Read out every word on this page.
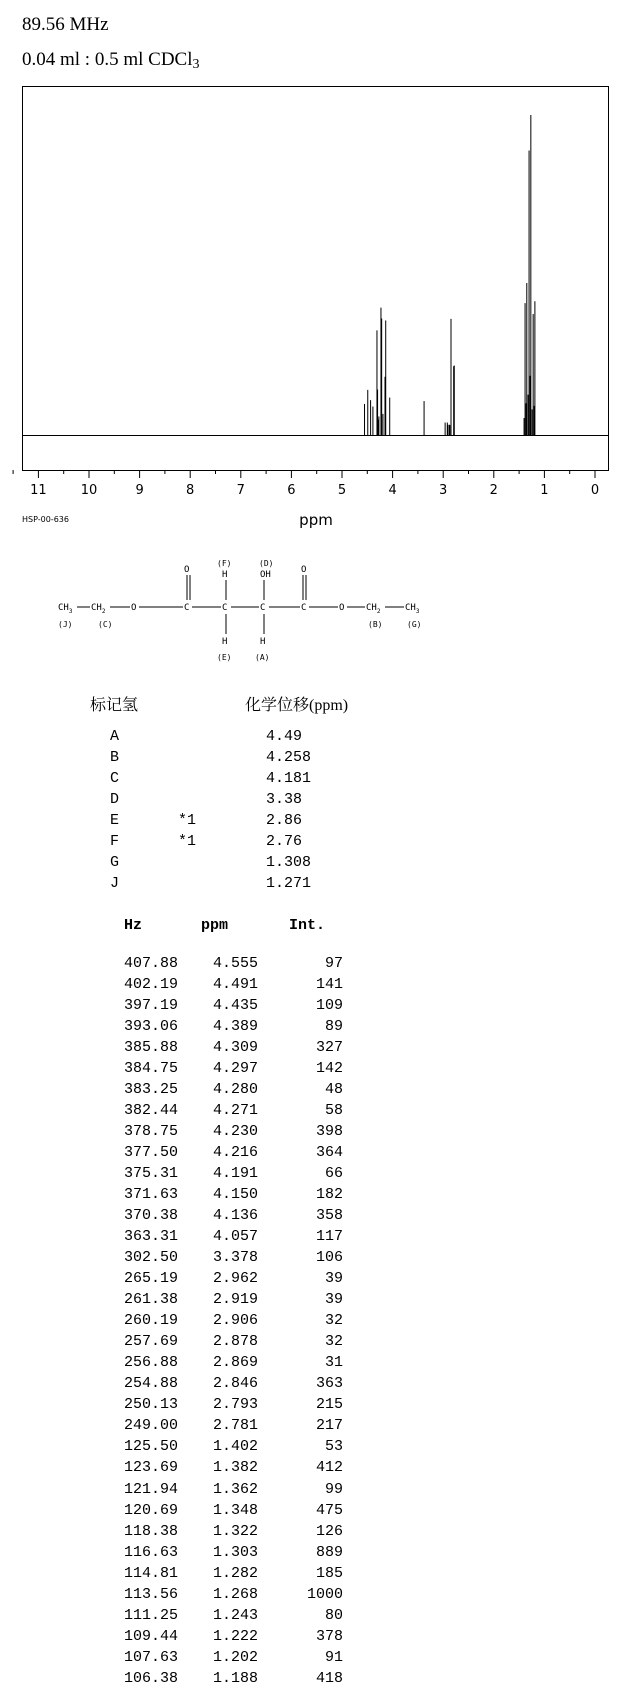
89.56 MHz
0.04 ml : 0.5 ml CDCl$_3$
11	10	9	8	7	6	5	4	3	2	1	0
ppm
HSP-00-636
$CH_3$ $CH_2$	O	C
O
C
H
(F)
H
(E)
C
OH
(D)
H
(A)
C
O
O $CH_2$	$CH_3$
(J)	(C)	(B)	(G)
标记氢	化学位移(ppm)
A	4.49
B	4.258
C	4.181
D	3.38
E	*1	2.86
F	*1	2.76
G	1.308
J	1.271
Hz	ppm	Int.
407.88	4.555	97
402.19	4.491	141
397.19	4.435	109
393.06	4.389	89
385.88	4.309	327
384.75	4.297	142
383.25	4.280	48
382.44	4.271	58
378.75	4.230	398
377.50	4.216	364
375.31	4.191	66
371.63	4.150	182
370.38	4.136	358
363.31	4.057	117
302.50	3.378	106
265.19	2.962	39
261.38	2.919	39
260.19	2.906	32
257.69	2.878	32
256.88	2.869	31
254.88	2.846	363
250.13	2.793	215
249.00	2.781	217
125.50	1.402	53
123.69	1.382	412
121.94	1.362	99
120.69	1.348	475
118.38	1.322	126
116.63	1.303	889
114.81	1.282	185
113.56	1.268	1000
111.25	1.243	80
109.44	1.222	378
107.63	1.202	91
106.38	1.188	418
